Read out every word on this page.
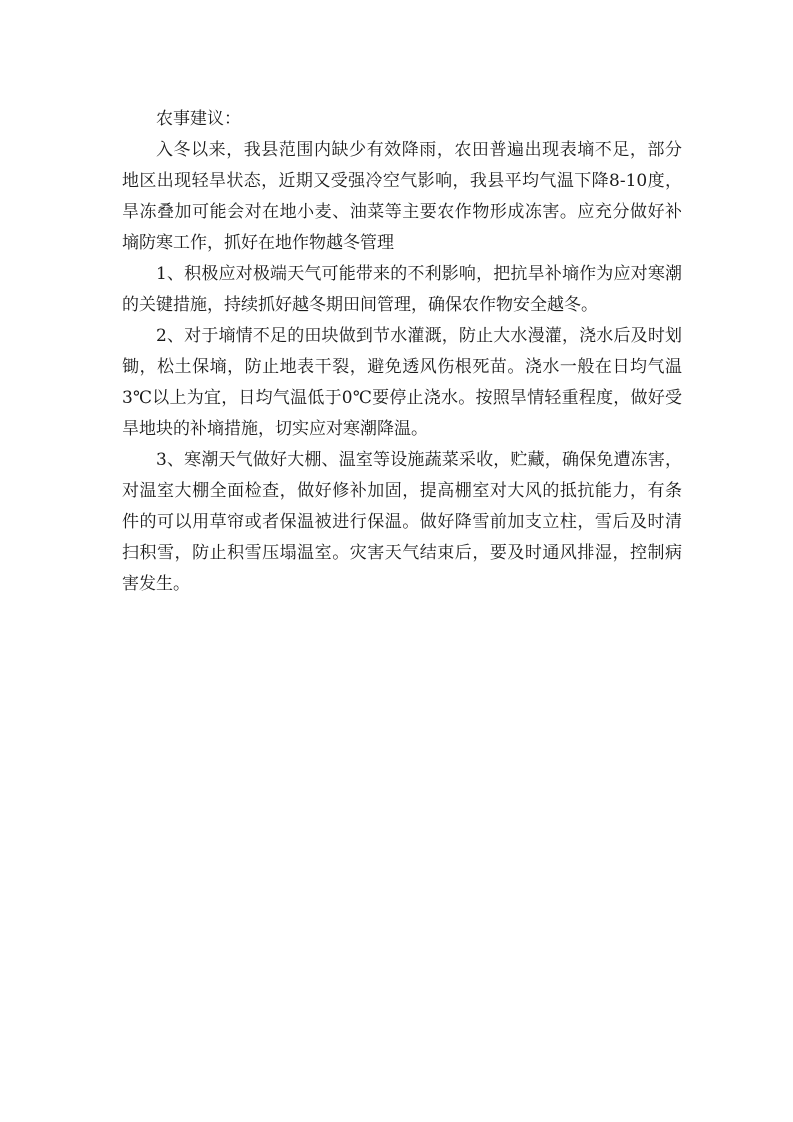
农事建议：

入冬以来，我县范围内缺少有效降雨，农田普遍出现表墒不足，部分地区出现轻旱状态，近期又受强冷空气影响，我县平均气温下降8-10度，旱冻叠加可能会对在地小麦、油菜等主要农作物形成冻害。应充分做好补墒防寒工作，抓好在地作物越冬管理

1、积极应对极端天气可能带来的不利影响，把抗旱补墒作为应对寒潮的关键措施，持续抓好越冬期田间管理，确保农作物安全越冬。

2、对于墒情不足的田块做到节水灌溉，防止大水漫灌，浇水后及时划锄，松土保墒，防止地表干裂，避免透风伤根死苗。浇水一般在日均气温3℃以上为宜，日均气温低于0℃要停止浇水。按照旱情轻重程度，做好受旱地块的补墒措施，切实应对寒潮降温。

3、寒潮天气做好大棚、温室等设施蔬菜采收，贮藏，确保免遭冻害，对温室大棚全面检查，做好修补加固，提高棚室对大风的抵抗能力，有条件的可以用草帘或者保温被进行保温。做好降雪前加支立柱，雪后及时清扫积雪，防止积雪压塌温室。灾害天气结束后，要及时通风排湿，控制病害发生。
